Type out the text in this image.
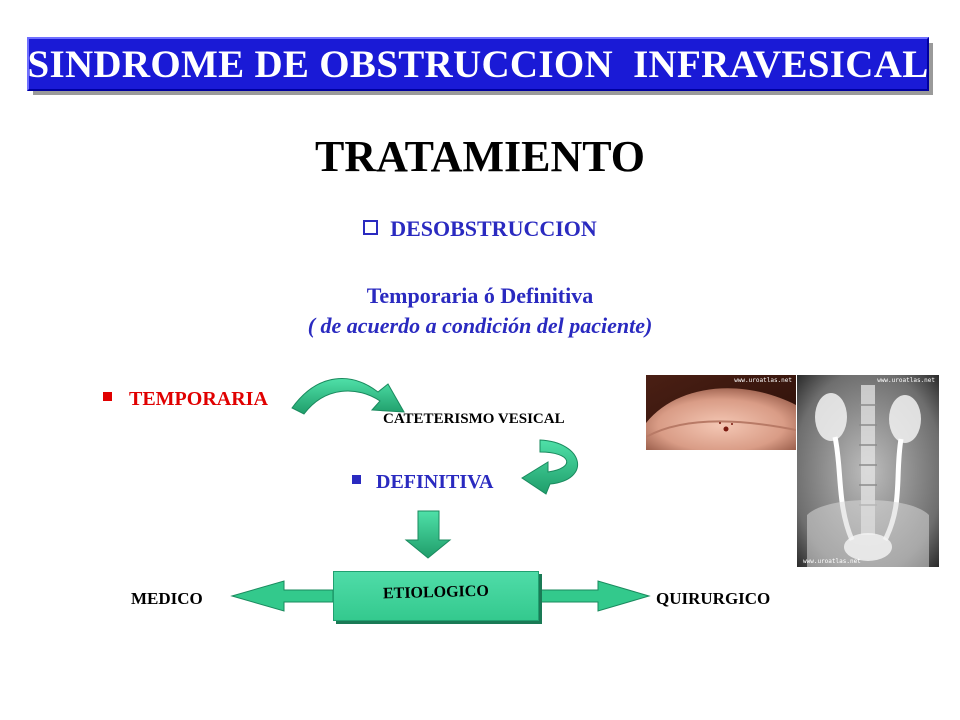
SINDROME DE OBSTRUCCION  INFRAVESICAL
TRATAMIENTO
DESOBSTRUCCION
Temporaria ó Definitiva
( de acuerdo a condición del paciente)
TEMPORARIA
CATETERISMO VESICAL
DEFINITIVA
ETIOLOGICO
MEDICO	QUIRURGICO
www.uroatlas.net
www.uroatlas.net
www.uroatlas.net
